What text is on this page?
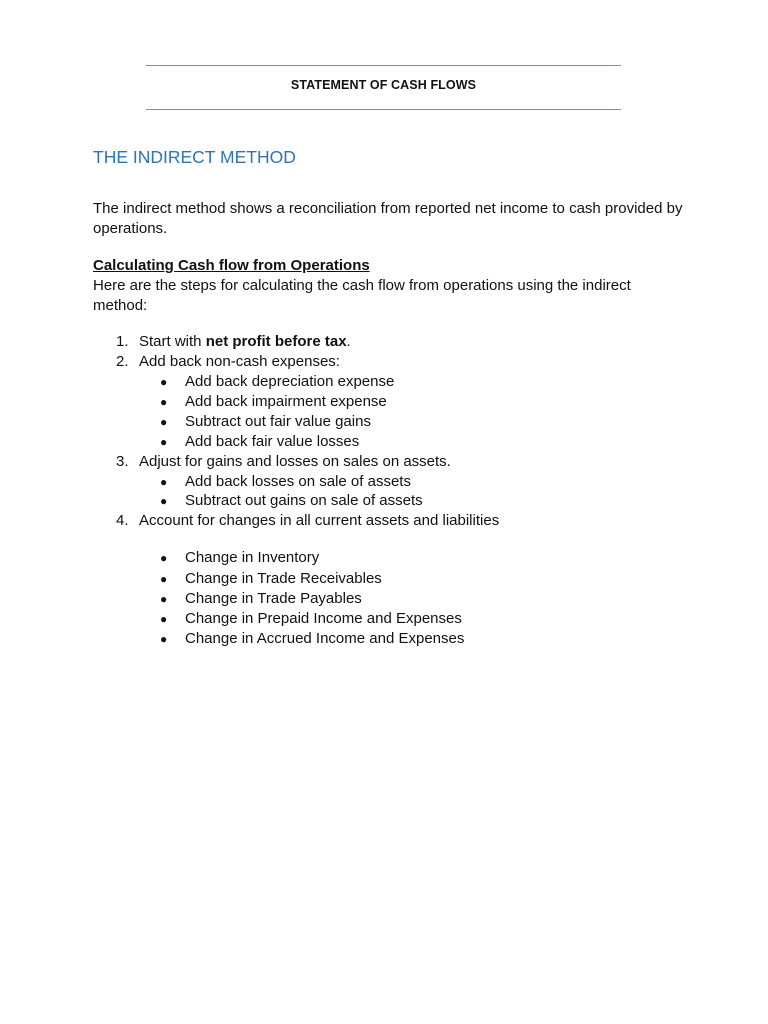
STATEMENT OF CASH FLOWS
THE INDIRECT METHOD
The indirect method shows a reconciliation from reported net income to cash provided by operations.
Calculating Cash flow from Operations
Here are the steps for calculating the cash flow from operations using the indirect method:
1. Start with net profit before tax.
2. Add back non-cash expenses:
● Add back depreciation expense
● Add back impairment expense
● Subtract out fair value gains
● Add back fair value losses
3. Adjust for gains and losses on sales on assets.
● Add back losses on sale of assets
● Subtract out gains on sale of assets
4. Account for changes in all current assets and liabilities
● Change in Inventory
● Change in Trade Receivables
● Change in Trade Payables
● Change in Prepaid Income and Expenses
● Change in Accrued Income and Expenses
